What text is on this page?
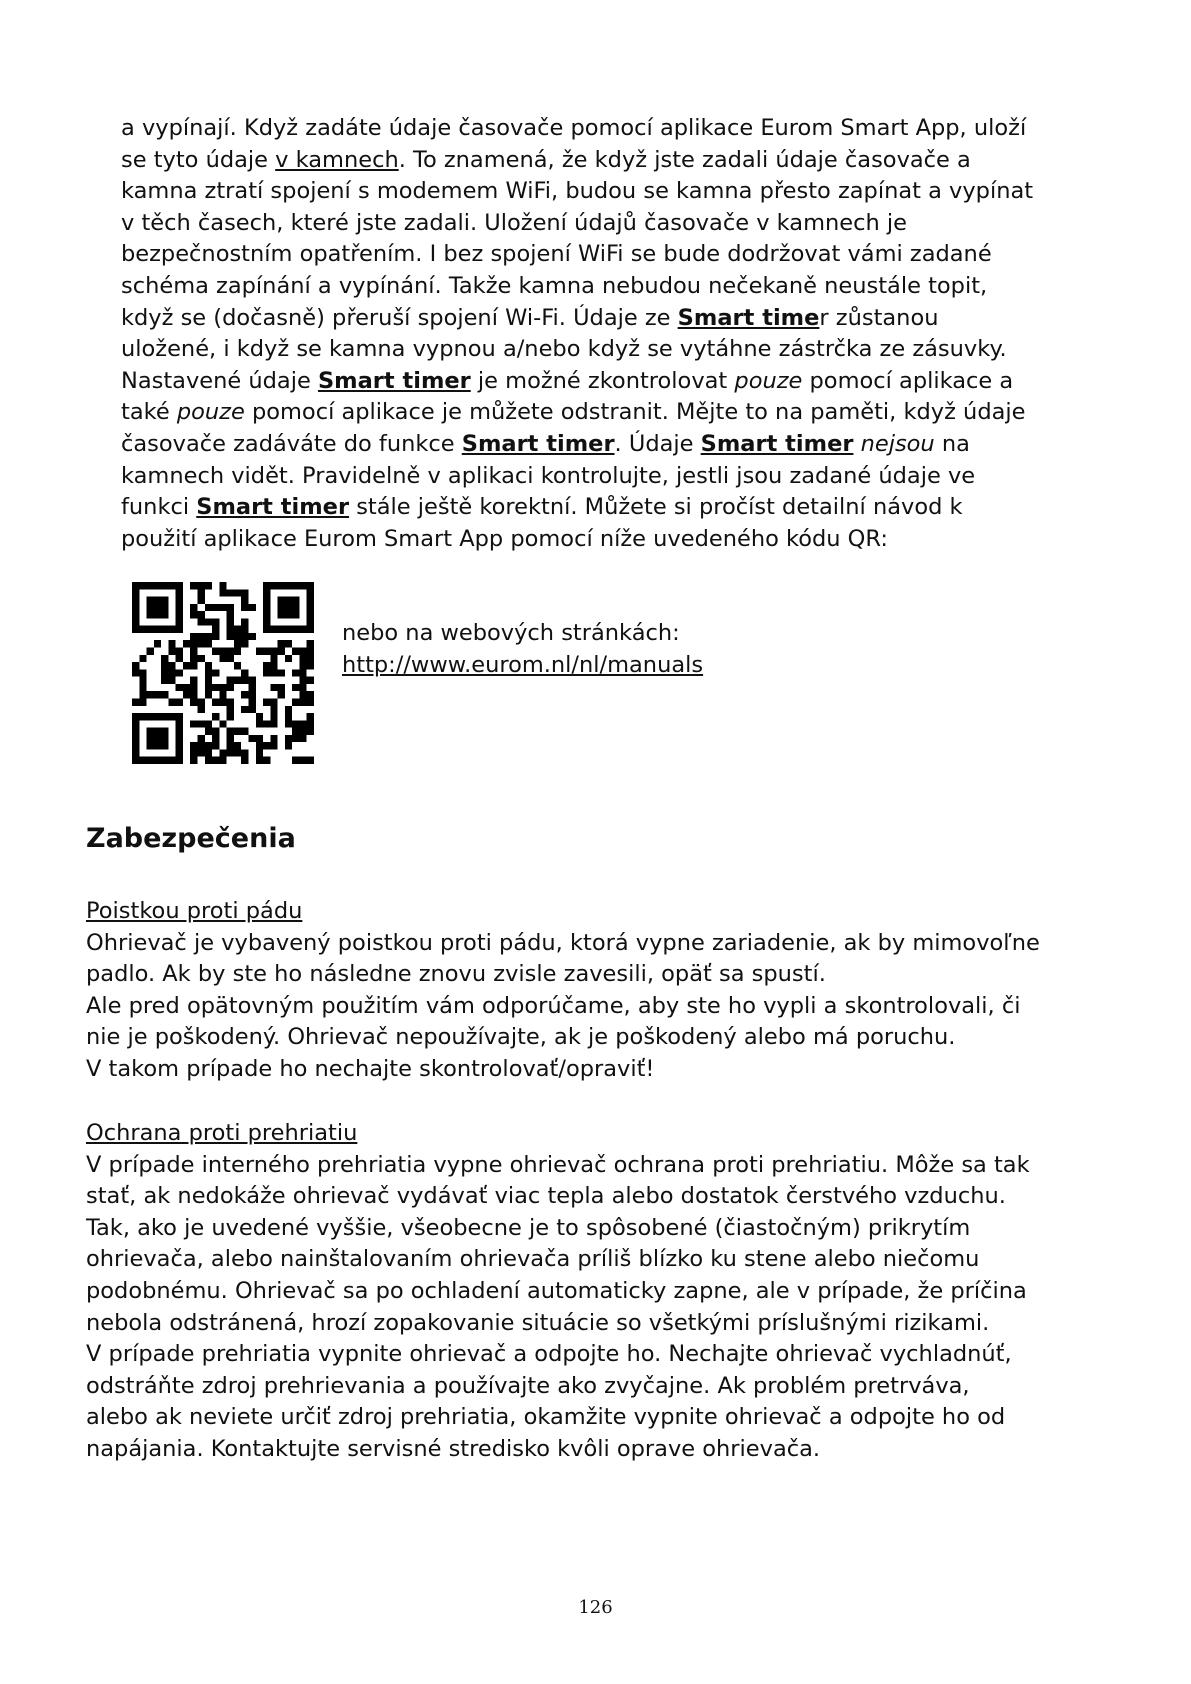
a vypínají. Když zadáte údaje časovače pomocí aplikace Eurom Smart App, uloží
se tyto údaje v kamnech. To znamená, že když jste zadali údaje časovače a
kamna ztratí spojení s modemem WiFi, budou se kamna přesto zapínat a vypínat
v těch časech, které jste zadali. Uložení údajů časovače v kamnech je
bezpečnostním opatřením. I bez spojení WiFi se bude dodržovat vámi zadané
schéma zapínání a vypínání. Takže kamna nebudou nečekaně neustále topit,
když se (dočasně) přeruší spojení Wi-Fi. Údaje ze Smart timer zůstanou
uložené, i když se kamna vypnou a/nebo když se vytáhne zástrčka ze zásuvky.
Nastavené údaje Smart timer je možné zkontrolovat pouze pomocí aplikace a
také pouze pomocí aplikace je můžete odstranit. Mějte to na paměti, když údaje
časovače zadáváte do funkce Smart timer. Údaje Smart timer nejsou na
kamnech vidět. Pravidelně v aplikaci kontrolujte, jestli jsou zadané údaje ve
funkci Smart timer stále ještě korektní. Můžete si pročíst detailní návod k
použití aplikace Eurom Smart App pomocí níže uvedeného kódu QR:
nebo na webových stránkách:
http://www.eurom.nl/nl/manuals
Zabezpečenia
Poistkou proti pádu
Ohrievač je vybavený poistkou proti pádu, ktorá vypne zariadenie, ak by mimovoľne
padlo. Ak by ste ho následne znovu zvisle zavesili, opäť sa spustí.
Ale pred opätovným použitím vám odporúčame, aby ste ho vypli a skontrolovali, či
nie je poškodený. Ohrievač nepoužívajte, ak je poškodený alebo má poruchu.
V takom prípade ho nechajte skontrolovať/opraviť!
Ochrana proti prehriatiu
V prípade interného prehriatia vypne ohrievač ochrana proti prehriatiu. Môže sa tak
stať, ak nedokáže ohrievač vydávať viac tepla alebo dostatok čerstvého vzduchu.
Tak, ako je uvedené vyššie, všeobecne je to spôsobené (čiastočným) prikrytím
ohrievača, alebo nainštalovaním ohrievača príliš blízko ku stene alebo niečomu
podobnému. Ohrievač sa po ochladení automaticky zapne, ale v prípade, že príčina
nebola odstránená, hrozí zopakovanie situácie so všetkými príslušnými rizikami.
V prípade prehriatia vypnite ohrievač a odpojte ho. Nechajte ohrievač vychladnúť,
odstráňte zdroj prehrievania a používajte ako zvyčajne. Ak problém pretrváva,
alebo ak neviete určiť zdroj prehriatia, okamžite vypnite ohrievač a odpojte ho od
napájania. Kontaktujte servisné stredisko kvôli oprave ohrievača.
126
